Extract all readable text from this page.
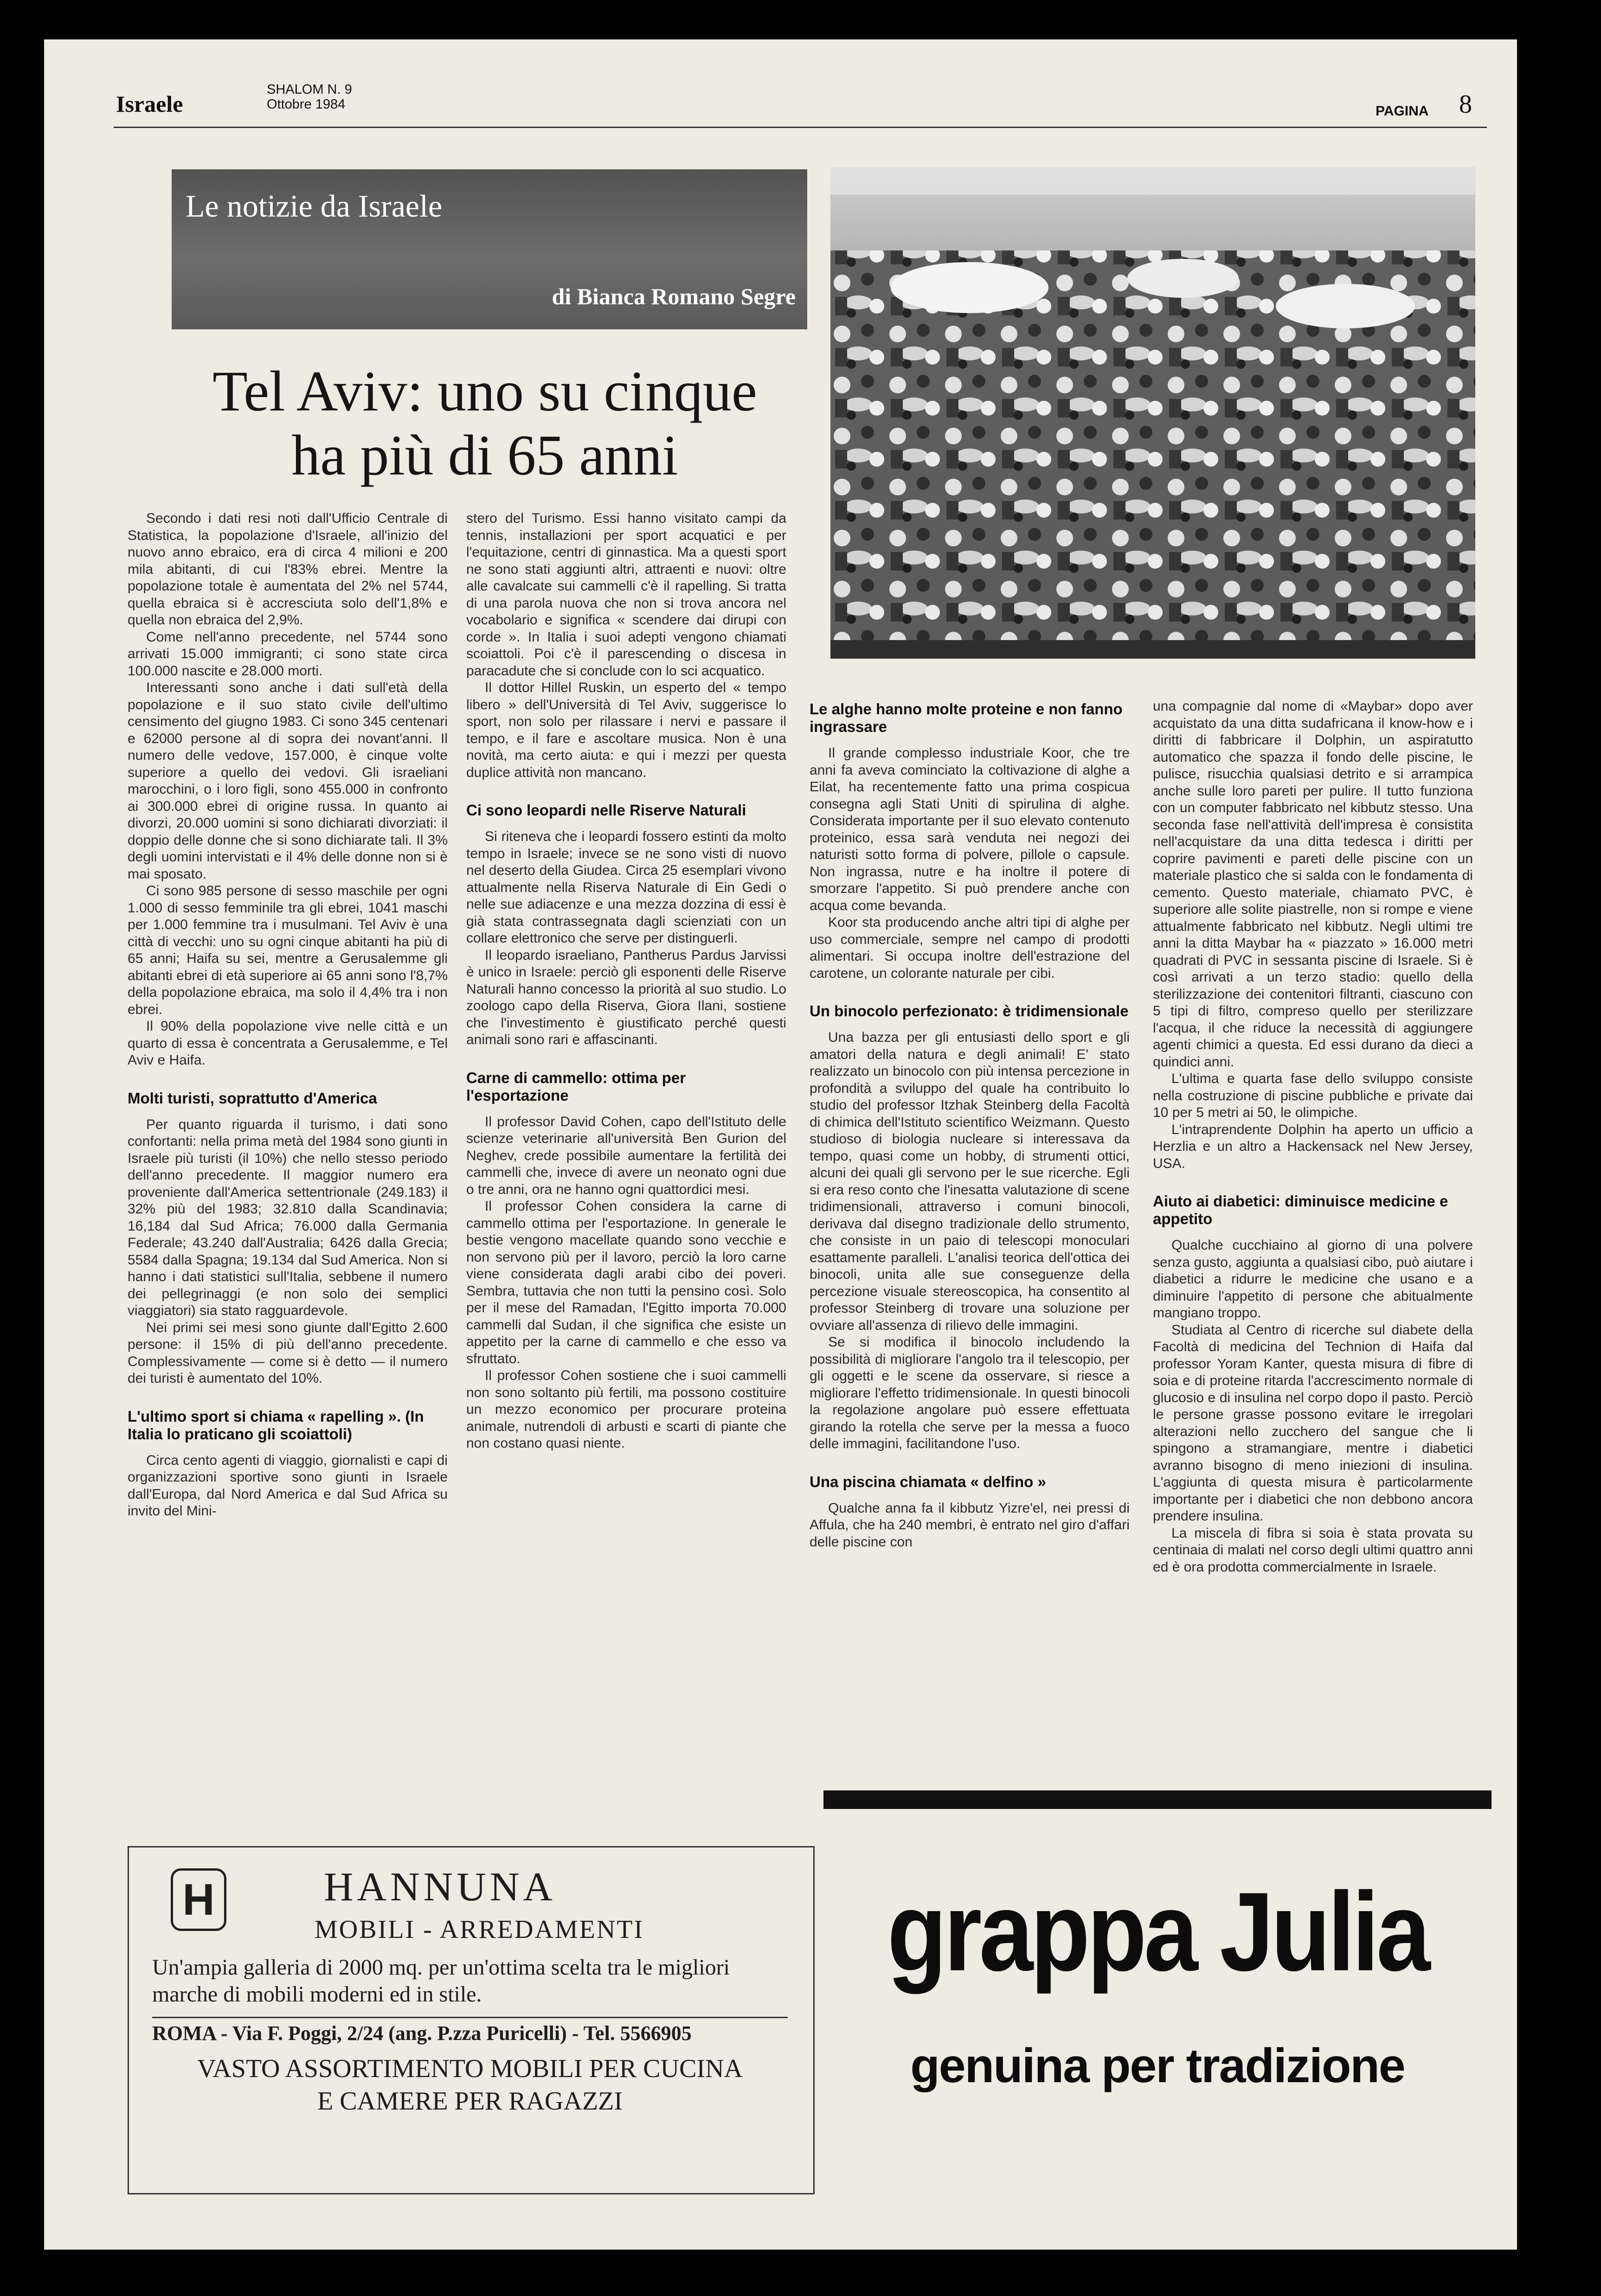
Israele
SHALOM N. 9
Ottobre 1984	PAGINA 8
Le notizie da Israele
di Bianca Romano Segre
Tel Aviv: uno su cinque
ha più di 65 anni

Secondo i dati resi noti dall'Ufficio Centrale di Statistica, la popolazione d'Israele, all'inizio del nuovo anno ebraico, era di circa 4 milioni e 200 mila abitanti, di cui l'83% ebrei. Mentre la popolazione totale è aumentata del 2% nel 5744, quella ebraica si è accresciuta solo dell'1,8% e quella non ebraica del 2,9%.

Come nell'anno precedente, nel 5744 sono arrivati 15.000 immigranti; ci sono state circa 100.000 nascite e 28.000 morti.

Interessanti sono anche i dati sull'età della popolazione e il suo stato civile dell'ultimo censimento del giugno 1983. Ci sono 345 centenari e 62000 persone al di sopra dei novant'anni. Il numero delle vedove, 157.000, è cinque volte superiore a quello dei vedovi. Gli israeliani marocchini, o i loro figli, sono 455.000 in confronto ai 300.000 ebrei di origine russa. In quanto ai divorzi, 20.000 uomini si sono dichiarati divorziati: il doppio delle donne che si sono dichiarate tali. Il 3% degli uomini intervistati e il 4% delle donne non si è mai sposato.

Ci sono 985 persone di sesso maschile per ogni 1.000 di sesso femminile tra gli ebrei, 1041 maschi per 1.000 femmine tra i musulmani. Tel Aviv è una città di vecchi: uno su ogni cinque abitanti ha più di 65 anni; Haifa su sei, mentre a Gerusalemme gli abitanti ebrei di età superiore ai 65 anni sono l'8,7% della popolazione ebraica, ma solo il 4,4% tra i non ebrei.

Il 90% della popolazione vive nelle città e un quarto di essa è concentrata a Gerusalemme, e Tel Aviv e Haifa.

Molti turisti, soprattutto d'America

Per quanto riguarda il turismo, i dati sono confortanti: nella prima metà del 1984 sono giunti in Israele più turisti (il 10%) che nello stesso periodo dell'anno precedente. Il maggior numero era proveniente dall'America settentrionale (249.183) il 32% più del 1983; 32.810 dalla Scandinavia; 16,184 dal Sud Africa; 76.000 dalla Germania Federale; 43.240 dall'Australia; 6426 dalla Grecia; 5584 dalla Spagna; 19.134 dal Sud America. Non si hanno i dati statistici sull'Italia, sebbene il numero dei pellegrinaggi (e non solo dei semplici viaggiatori) sia stato ragguardevole.

Nei primi sei mesi sono giunte dall'Egitto 2.600 persone: il 15% di più dell'anno precedente. Complessivamente — come si è detto — il numero dei turisti è aumentato del 10%.

L'ultimo sport si chiama « rapelling ». (In Italia lo praticano gli scoiattoli)

Circa cento agenti di viaggio, giornalisti e capi di organizzazioni sportive sono giunti in Israele dall'Europa, dal Nord America e dal Sud Africa su invito del Mini-

stero del Turismo. Essi hanno visitato campi da tennis, installazioni per sport acquatici e per l'equitazione, centri di ginnastica. Ma a questi sport ne sono stati aggiunti altri, attraenti e nuovi: oltre alle cavalcate sui cammelli c'è il rapelling. Si tratta di una parola nuova che non si trova ancora nel vocabolario e significa « scendere dai dirupi con corde ». In Italia i suoi adepti vengono chiamati scoiattoli. Poi c'è il parescending o discesa in paracadute che si conclude con lo sci acquatico.

Il dottor Hillel Ruskin, un esperto del « tempo libero » dell'Università di Tel Aviv, suggerisce lo sport, non solo per rilassare i nervi e passare il tempo, e il fare e ascoltare musica. Non è una novità, ma certo aiuta: e qui i mezzi per questa duplice attività non mancano.

Ci sono leopardi nelle Riserve Naturali

Si riteneva che i leopardi fossero estinti da molto tempo in Israele; invece se ne sono visti di nuovo nel deserto della Giudea. Circa 25 esemplari vivono attualmente nella Riserva Naturale di Ein Gedi o nelle sue adiacenze e una mezza dozzina di essi è già stata contrassegnata dagli scienziati con un collare elettronico che serve per distinguerli.

Il leopardo israeliano, Pantherus Pardus Jarvissi è unico in Israele: perciò gli esponenti delle Riserve Naturali hanno concesso la priorità al suo studio. Lo zoologo capo della Riserva, Giora Ilani, sostiene che l'investimento è giustificato perché questi animali sono rari e affascinanti.

Carne di cammello: ottima per l'esportazione

Il professor David Cohen, capo dell'Istituto delle scienze veterinarie all'università Ben Gurion del Neghev, crede possibile aumentare la fertilità dei cammelli che, invece di avere un neonato ogni due o tre anni, ora ne hanno ogni quattordici mesi.

Il professor Cohen considera la carne di cammello ottima per l'esportazione. In generale le bestie vengono macellate quando sono vecchie e non servono più per il lavoro, perciò la loro carne viene considerata dagli arabi cibo dei poveri. Sembra, tuttavia che non tutti la pensino così. Solo per il mese del Ramadan, l'Egitto importa 70.000 cammelli dal Sudan, il che significa che esiste un appetito per la carne di cammello e che esso va sfruttato.

Il professor Cohen sostiene che i suoi cammelli non sono soltanto più fertili, ma possono costituire un mezzo economico per procurare proteina animale, nutrendoli di arbusti e scarti di piante che non costano quasi niente.

Le alghe hanno molte proteine e non fanno ingrassare

Il grande complesso industriale Koor, che tre anni fa aveva cominciato la coltivazione di alghe a Eilat, ha recentemente fatto una prima cospicua consegna agli Stati Uniti di spirulina di alghe. Considerata importante per il suo elevato contenuto proteinico, essa sarà venduta nei negozi dei naturisti sotto forma di polvere, pillole o capsule. Non ingrassa, nutre e ha inoltre il potere di smorzare l'appetito. Si può prendere anche con acqua come bevanda.

Koor sta producendo anche altri tipi di alghe per uso commerciale, sempre nel campo di prodotti alimentari. Si occupa inoltre dell'estrazione del carotene, un colorante naturale per cibi.

Un binocolo perfezionato: è tridimensionale

Una bazza per gli entusiasti dello sport e gli amatori della natura e degli animali! E' stato realizzato un binocolo con più intensa percezione in profondità a sviluppo del quale ha contribuito lo studio del professor Itzhak Steinberg della Facoltà di chimica dell'Istituto scientifico Weizmann. Questo studioso di biologia nucleare si interessava da tempo, quasi come un hobby, di strumenti ottici, alcuni dei quali gli servono per le sue ricerche. Egli si era reso conto che l'inesatta valutazione di scene tridimensionali, attraverso i comuni binocoli, derivava dal disegno tradizionale dello strumento, che consiste in un paio di telescopi monoculari esattamente paralleli. L'analisi teorica dell'ottica dei binocoli, unita alle sue conseguenze della percezione visuale stereoscopica, ha consentito al professor Steinberg di trovare una soluzione per ovviare all'assenza di rilievo delle immagini.

Se si modifica il binocolo includendo la possibilità di migliorare l'angolo tra il telescopio, per gli oggetti e le scene da osservare, si riesce a migliorare l'effetto tridimensionale. In questi binocoli la regolazione angolare può essere effettuata girando la rotella che serve per la messa a fuoco delle immagini, facilitandone l'uso.

Una piscina chiamata « delfino »

Qualche anna fa il kibbutz Yizre'el, nei pressi di Affula, che ha 240 membri, è entrato nel giro d'affari delle piscine con

una compagnie dal nome di «Maybar» dopo aver acquistato da una ditta sudafricana il know-how e i diritti di fabbricare il Dolphin, un aspiratutto automatico che spazza il fondo delle piscine, le pulisce, risucchia qualsiasi detrito e si arrampica anche sulle loro pareti per pulire. Il tutto funziona con un computer fabbricato nel kibbutz stesso. Una seconda fase nell'attività dell'impresa è consistita nell'acquistare da una ditta tedesca i diritti per coprire pavimenti e pareti delle piscine con un materiale plastico che si salda con le fondamenta di cemento. Questo materiale, chiamato PVC, è superiore alle solite piastrelle, non si rompe e viene attualmente fabbricato nel kibbutz. Negli ultimi tre anni la ditta Maybar ha « piazzato » 16.000 metri quadrati di PVC in sessanta piscine di Israele. Si è così arrivati a un terzo stadio: quello della sterilizzazione dei contenitori filtranti, ciascuno con 5 tipi di filtro, compreso quello per sterilizzare l'acqua, il che riduce la necessità di aggiungere agenti chimici a questa. Ed essi durano da dieci a quindici anni.

L'ultima e quarta fase dello sviluppo consiste nella costruzione di piscine pubbliche e private dai 10 per 5 metri ai 50, le olimpiche.

L'intraprendente Dolphin ha aperto un ufficio a Herzlia e un altro a Hackensack nel New Jersey, USA.

Aiuto ai diabetici: diminuisce medicine e appetito

Qualche cucchiaino al giorno di una polvere senza gusto, aggiunta a qualsiasi cibo, può aiutare i diabetici a ridurre le medicine che usano e a diminuire l'appetito di persone che abitualmente mangiano troppo.

Studiata al Centro di ricerche sul diabete della Facoltà di medicina del Technion di Haifa dal professor Yoram Kanter, questa misura di fibre di soia e di proteine ritarda l'accrescimento normale di glucosio e di insulina nel corpo dopo il pasto. Perciò le persone grasse possono evitare le irregolari alterazioni nello zucchero del sangue che li spingono a stramangiare, mentre i diabetici avranno bisogno di meno iniezioni di insulina. L'aggiunta di questa misura è particolarmente importante per i diabetici che non debbono ancora prendere insulina.

La miscela di fibra si soia è stata provata su centinaia di malati nel corso degli ultimi quattro anni ed è ora prodotta commercialmente in Israele.

H	HANNUNA
MOBILI - ARREDAMENTI
Un'ampia galleria di 2000 mq. per un'ottima scelta tra le migliori marche di mobili moderni ed in stile.
ROMA - Via F. Poggi, 2/24 (ang. P.zza Puricelli) - Tel. 5566905
VASTO ASSORTIMENTO MOBILI PER CUCINA
E CAMERE PER RAGAZZI
grappa Julia
genuina per tradizione
